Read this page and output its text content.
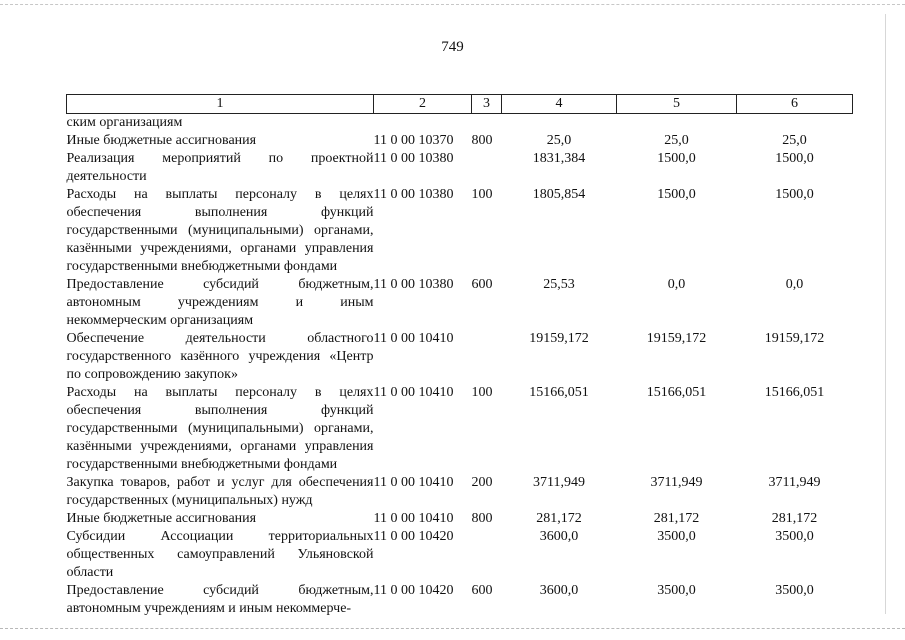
749
1	2	3	4	5	6
ским организациям					
Иные бюджетные ассигнования	11 0 00 10370	800	25,0	25,0	25,0
Реализация мероприятий по проектной деятельности	11 0 00 10380		1831,384	1500,0	1500,0
Расходы на выплаты персоналу в целях обеспечения выполнения функций государственными (муниципальными) органами, казёнными учреждениями, органами управления государственными внебюджетными фондами	11 0 00 10380	100	1805,854	1500,0	1500,0
Предоставление субсидий бюджетным, автономным учреждениям и иным некоммерческим организациям	11 0 00 10380	600	25,53	0,0	0,0
Обеспечение деятельности областного государственного казённого учреждения «Центр по сопровождению закупок»	11 0 00 10410		19159,172	19159,172	19159,172
Расходы на выплаты персоналу в целях обеспечения выполнения функций государственными (муниципальными) органами, казёнными учреждениями, органами управления государственными внебюджетными фондами	11 0 00 10410	100	15166,051	15166,051	15166,051
Закупка товаров, работ и услуг для обеспечения государственных (муниципальных) нужд	11 0 00 10410	200	3711,949	3711,949	3711,949
Иные бюджетные ассигнования	11 0 00 10410	800	281,172	281,172	281,172
Субсидии Ассоциации территориальных общественных самоуправлений Ульяновской области	11 0 00 10420		3600,0	3500,0	3500,0
Предоставление субсидий бюджетным, автономным учреждениям и иным некоммерче-	11 0 00 10420	600	3600,0	3500,0	3500,0
